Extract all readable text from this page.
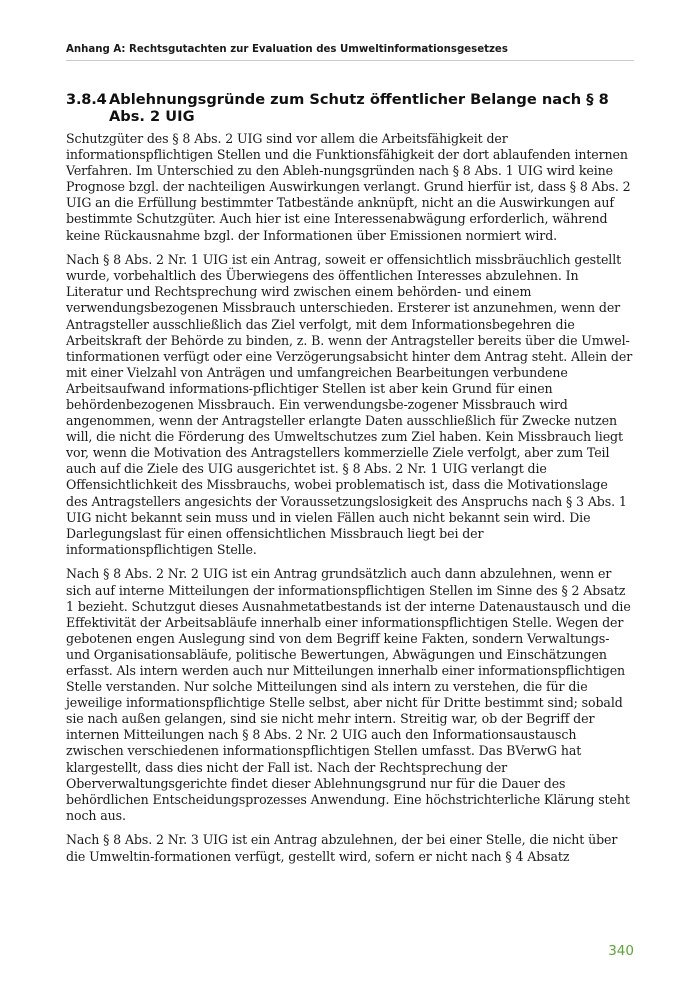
Anhang A: Rechtsgutachten zur Evaluation des Umweltinformationsgesetzes
3.8.4 Ablehnungsgründe zum Schutz öffentlicher Belange nach § 8 Abs. 2 UIG

Schutzgüter des § 8 Abs. 2 UIG sind vor allem die Arbeitsfähigkeit der informationspflichtigen Stellen und die Funktionsfähigkeit der dort ablaufenden internen Verfahren. Im Unterschied zu den Ableh-nungsgründen nach § 8 Abs. 1 UIG wird keine Prognose bzgl. der nachteiligen Auswirkungen verlangt. Grund hierfür ist, dass § 8 Abs. 2 UIG an die Erfüllung bestimmter Tatbestände anknüpft, nicht an die Auswirkungen auf bestimmte Schutzgüter. Auch hier ist eine Interessenabwägung erforderlich, während keine Rückausnahme bzgl. der Informationen über Emissionen normiert wird.

Nach § 8 Abs. 2 Nr. 1 UIG ist ein Antrag, soweit er offensichtlich missbräuchlich gestellt wurde, vorbehaltlich des Überwiegens des öffentlichen Interesses abzulehnen. In Literatur und Rechtsprechung wird zwischen einem behörden- und einem verwendungsbezogenen Missbrauch unterschieden. Ersterer ist anzunehmen, wenn der Antragsteller ausschließlich das Ziel verfolgt, mit dem Informationsbegehren die Arbeitskraft der Behörde zu binden, z. B. wenn der Antragsteller bereits über die Umwel-tinformationen verfügt oder eine Verzögerungsabsicht hinter dem Antrag steht. Allein der mit einer Vielzahl von Anträgen und umfangreichen Bearbeitungen verbundene Arbeitsaufwand informations-pflichtiger Stellen ist aber kein Grund für einen behördenbezogenen Missbrauch. Ein verwendungsbe-zogener Missbrauch wird angenommen, wenn der Antragsteller erlangte Daten ausschließlich für Zwecke nutzen will, die nicht die Förderung des Umweltschutzes zum Ziel haben. Kein Missbrauch liegt vor, wenn die Motivation des Antragstellers kommerzielle Ziele verfolgt, aber zum Teil auch auf die Ziele des UIG ausgerichtet ist. § 8 Abs. 2 Nr. 1 UIG verlangt die Offensichtlichkeit des Missbrauchs, wobei problematisch ist, dass die Motivationslage des Antragstellers angesichts der Voraussetzungslosigkeit des Anspruchs nach § 3 Abs. 1 UIG nicht bekannt sein muss und in vielen Fällen auch nicht bekannt sein wird. Die Darlegungslast für einen offensichtlichen Missbrauch liegt bei der informationspflichtigen Stelle.

Nach § 8 Abs. 2 Nr. 2 UIG ist ein Antrag grundsätzlich auch dann abzulehnen, wenn er sich auf interne Mitteilungen der informationspflichtigen Stellen im Sinne des § 2 Absatz 1 bezieht. Schutzgut dieses Ausnahmetatbestands ist der interne Datenaustausch und die Effektivität der Arbeitsabläufe innerhalb einer informationspflichtigen Stelle. Wegen der gebotenen engen Auslegung sind von dem Begriff keine Fakten, sondern Verwaltungs- und Organisationsabläufe, politische Bewertungen, Abwägungen und Einschätzungen erfasst. Als intern werden auch nur Mitteilungen innerhalb einer informationspflichtigen Stelle verstanden. Nur solche Mitteilungen sind als intern zu verstehen, die für die jeweilige informationspflichtige Stelle selbst, aber nicht für Dritte bestimmt sind; sobald sie nach außen gelangen, sind sie nicht mehr intern. Streitig war, ob der Begriff der internen Mitteilungen nach § 8 Abs. 2 Nr. 2 UIG auch den Informationsaustausch zwischen verschiedenen informationspflichtigen Stellen umfasst. Das BVerwG hat klargestellt, dass dies nicht der Fall ist. Nach der Rechtsprechung der Oberverwaltungsgerichte findet dieser Ablehnungsgrund nur für die Dauer des behördlichen Entscheidungsprozesses Anwendung. Eine höchstrichterliche Klärung steht noch aus.

Nach § 8 Abs. 2 Nr. 3 UIG ist ein Antrag abzulehnen, der bei einer Stelle, die nicht über die Umweltin-formationen verfügt, gestellt wird, sofern er nicht nach § 4 Absatz

340
